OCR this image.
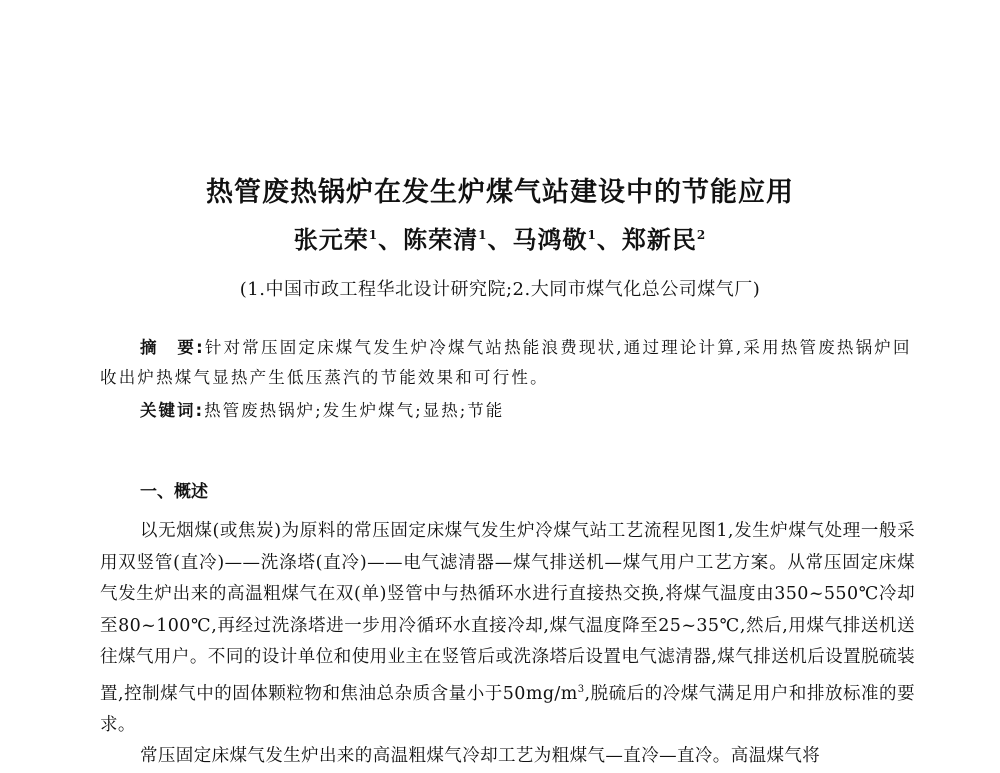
热管废热锅炉在发生炉煤气站建设中的节能应用
张元荣$^1$、陈荣清$^1$、马鸿敬$^1$、郑新民$^2$
(1.中国市政工程华北设计研究院;2.大同市煤气化总公司煤气厂)

摘　要:针对常压固定床煤气发生炉冷煤气站热能浪费现状,通过理论计算,采用热管废热锅炉回收出炉热煤气显热产生低压蒸汽的节能效果和可行性。

关键词:热管废热锅炉;发生炉煤气;显热;节能
一、概述

以无烟煤(或焦炭)为原料的常压固定床煤气发生炉冷煤气站工艺流程见图1,发生炉煤气处理一般采用双竖管(直冷)——洗涤塔(直冷)——电气滤清器—煤气排送机—煤气用户工艺方案。从常压固定床煤气发生炉出来的高温粗煤气在双(单)竖管中与热循环水进行直接热交换,将煤气温度由350~550℃冷却至80~100℃,再经过洗涤塔进一步用冷循环水直接冷却,煤气温度降至25~35℃,然后,用煤气排送机送往煤气用户。不同的设计单位和使用业主在竖管后或洗涤塔后设置电气滤清器,煤气排送机后设置脱硫装置,控制煤气中的固体颗粒物和焦油总杂质含量小于$50mg/m^3$,脱硫后的冷煤气满足用户和排放标准的要求。

常压固定床煤气发生炉出来的高温粗煤气冷却工艺为粗煤气—直冷—直冷。高温煤气将
